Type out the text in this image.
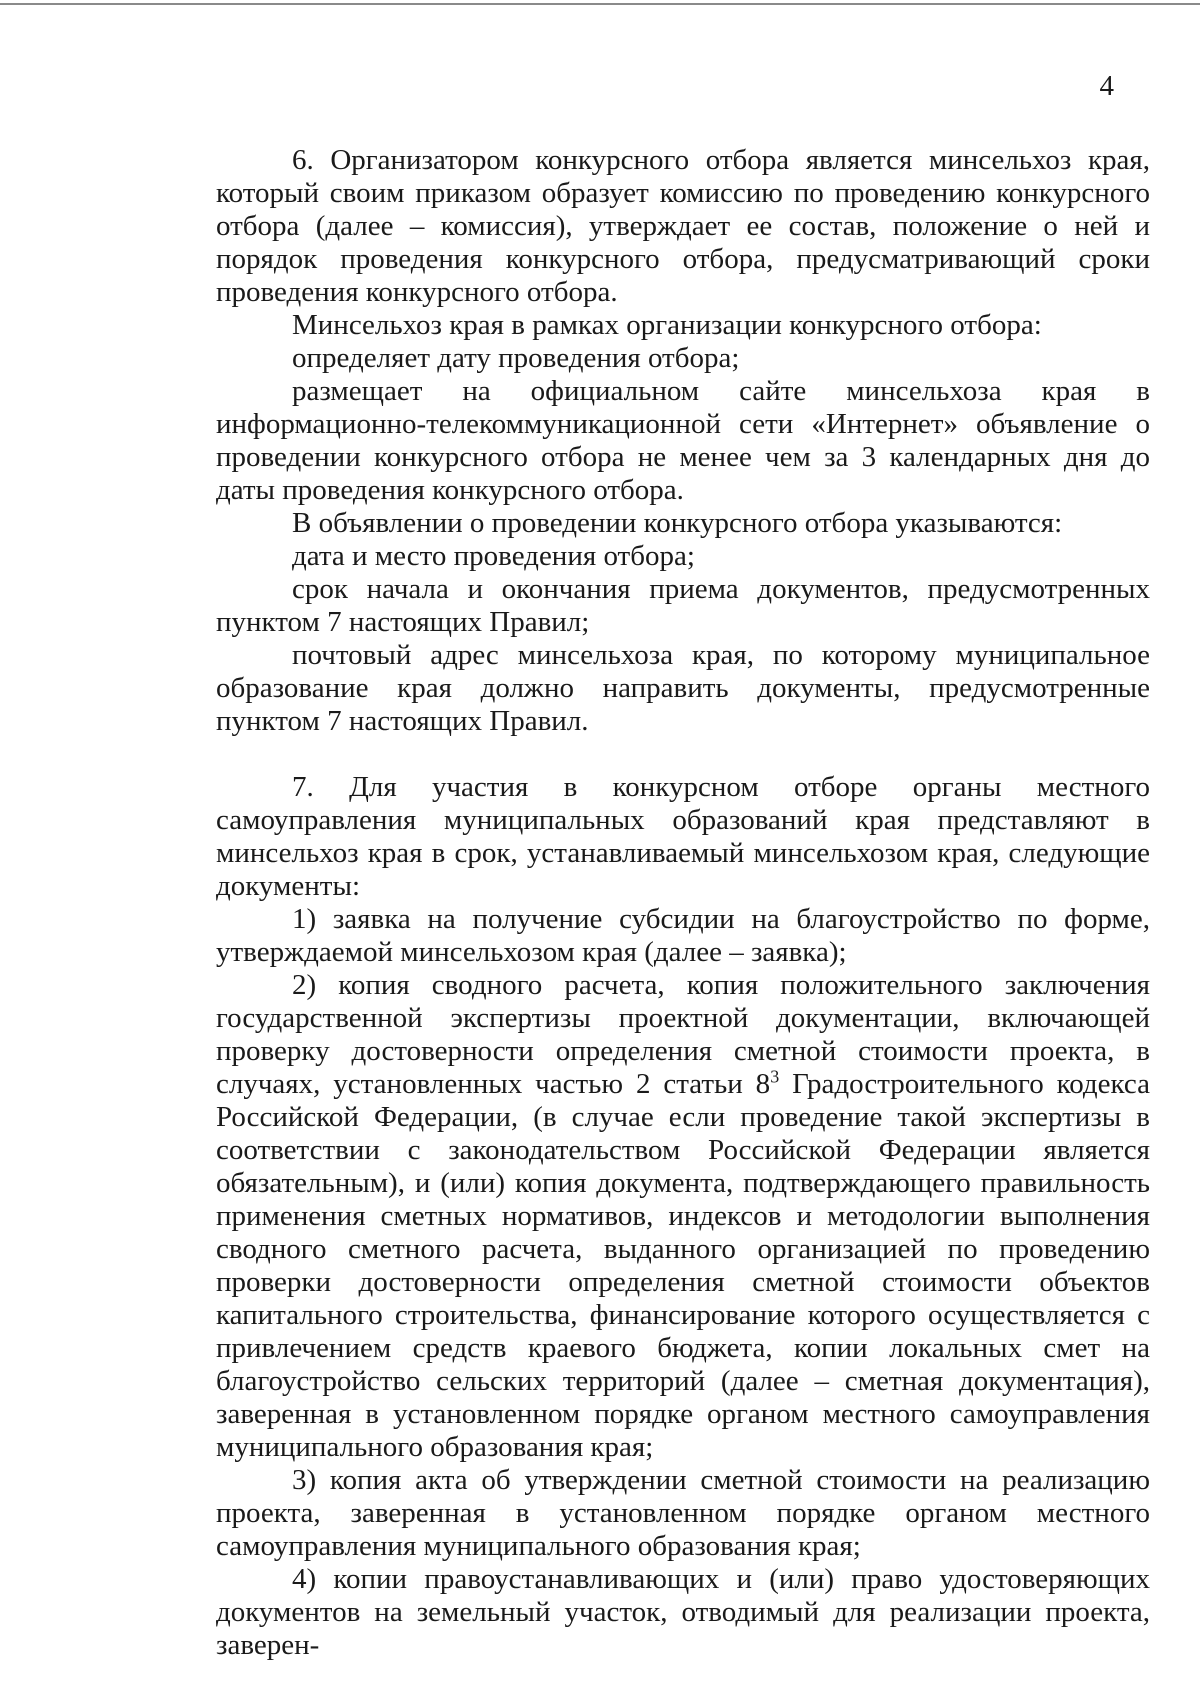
4

6. Организатором конкурсного отбора является минсельхоз края, который своим приказом образует комиссию по проведению конкурсного отбора (далее – комиссия), утверждает ее состав, положение о ней и порядок проведения конкурсного отбора, предусматривающий сроки проведения конкурсного отбора.

Минсельхоз края в рамках организации конкурсного отбора:

определяет дату проведения отбора;

размещает на официальном сайте минсельхоза края в информационно-телекоммуникационной сети «Интернет» объявление о проведении конкурсного отбора не менее чем за 3 календарных дня до даты проведения конкурсного отбора.

В объявлении о проведении конкурсного отбора указываются:

дата и место проведения отбора;

срок начала и окончания приема документов, предусмотренных пунктом 7 настоящих Правил;

почтовый адрес минсельхоза края, по которому муниципальное образование края должно направить документы, предусмотренные пунктом 7 настоящих Правил.

7. Для участия в конкурсном отборе органы местного самоуправления муниципальных образований края представляют в минсельхоз края в срок, устанавливаемый минсельхозом края, следующие документы:

1) заявка на получение субсидии на благоустройство по форме, утверждаемой минсельхозом края (далее – заявка);

2) копия сводного расчета, копия положительного заключения государственной экспертизы проектной документации, включающей проверку достоверности определения сметной стоимости проекта, в случаях, установленных частью 2 статьи $8^3$ Градостроительного кодекса Российской Федерации, (в случае если проведение такой экспертизы в соответствии с законодательством Российской Федерации является обязательным), и (или) копия документа, подтверждающего правильность применения сметных нормативов, индексов и методологии выполнения сводного сметного расчета, выданного организацией по проведению проверки достоверности определения сметной стоимости объектов капитального строительства, финансирование которого осуществляется с привлечением средств краевого бюджета, копии локальных смет на благоустройство сельских территорий (далее – сметная документация), заверенная в установленном порядке органом местного самоуправления муниципального образования края;

3) копия акта об утверждении сметной стоимости на реализацию проекта, заверенная в установленном порядке органом местного самоуправления муниципального образования края;

4) копии правоустанавливающих и (или) право удостоверяющих документов на земельный участок, отводимый для реализации проекта, заверен-
